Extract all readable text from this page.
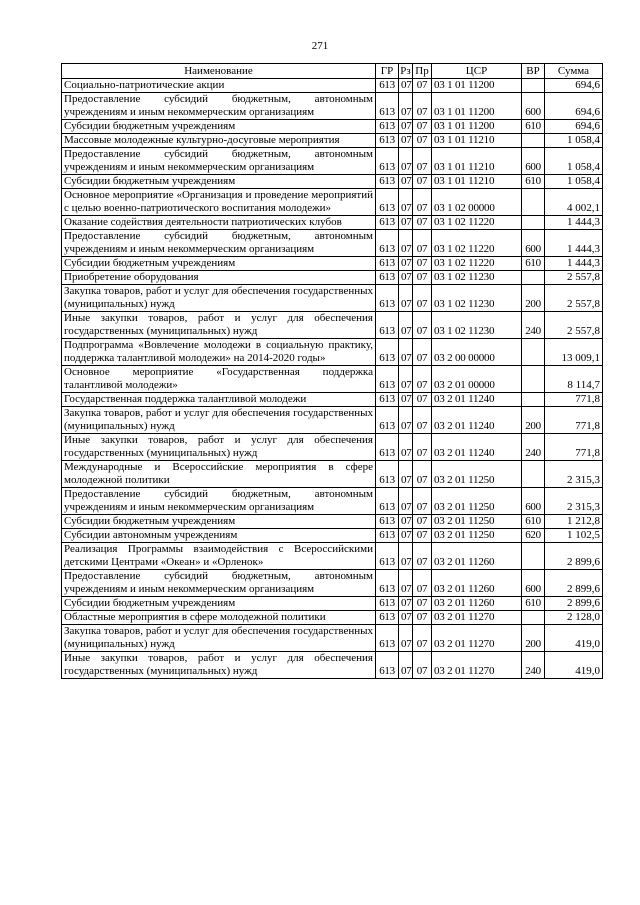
271
Наименование	ГР	Рз	Пр	ЦСР	ВР	Сумма
Социально-патриотические акции	613	07	07	03 1 01 11200		694,6
Предоставление субсидий бюджетным, автономным учреждениям и иным некоммерческим организациям	613	07	07	03 1 01 11200	600	694,6
Субсидии бюджетным учреждениям	613	07	07	03 1 01 11200	610	694,6
Массовые молодежные культурно-досуговые мероприятия	613	07	07	03 1 01 11210		1 058,4
Предоставление субсидий бюджетным, автономным учреждениям и иным некоммерческим организациям	613	07	07	03 1 01 11210	600	1 058,4
Субсидии бюджетным учреждениям	613	07	07	03 1 01 11210	610	1 058,4
Основное мероприятие «Организация и проведение мероприятий с целью военно-патриотического воспитания молодежи»	613	07	07	03 1 02 00000		4 002,1
Оказание содействия деятельности патриотических клубов	613	07	07	03 1 02 11220		1 444,3
Предоставление субсидий бюджетным, автономным учреждениям и иным некоммерческим организациям	613	07	07	03 1 02 11220	600	1 444,3
Субсидии бюджетным учреждениям	613	07	07	03 1 02 11220	610	1 444,3
Приобретение оборудования	613	07	07	03 1 02 11230		2 557,8
Закупка товаров, работ и услуг для обеспечения государственных (муниципальных) нужд	613	07	07	03 1 02 11230	200	2 557,8
Иные закупки товаров, работ и услуг для обеспечения государственных (муниципальных) нужд	613	07	07	03 1 02 11230	240	2 557,8
Подпрограмма «Вовлечение молодежи в социальную практику, поддержка талантливой молодежи» на 2014-2020 годы»	613	07	07	03 2 00 00000		13 009,1
Основное мероприятие «Государственная поддержка талантливой молодежи»	613	07	07	03 2 01 00000		8 114,7
Государственная поддержка талантливой молодежи	613	07	07	03 2 01 11240		771,8
Закупка товаров, работ и услуг для обеспечения государственных (муниципальных) нужд	613	07	07	03 2 01 11240	200	771,8
Иные закупки товаров, работ и услуг для обеспечения государственных (муниципальных) нужд	613	07	07	03 2 01 11240	240	771,8
Международные и Всероссийские мероприятия в сфере молодежной политики	613	07	07	03 2 01 11250		2 315,3
Предоставление субсидий бюджетным, автономным учреждениям и иным некоммерческим организациям	613	07	07	03 2 01 11250	600	2 315,3
Субсидии бюджетным учреждениям	613	07	07	03 2 01 11250	610	1 212,8
Субсидии автономным учреждениям	613	07	07	03 2 01 11250	620	1 102,5
Реализация Программы взаимодействия с Всероссийскими детскими Центрами «Океан» и «Орленок»	613	07	07	03 2 01 11260		2 899,6
Предоставление субсидий бюджетным, автономным учреждениям и иным некоммерческим организациям	613	07	07	03 2 01 11260	600	2 899,6
Субсидии бюджетным учреждениям	613	07	07	03 2 01 11260	610	2 899,6
Областные мероприятия в сфере молодежной политики	613	07	07	03 2 01 11270		2 128,0
Закупка товаров, работ и услуг для обеспечения государственных (муниципальных) нужд	613	07	07	03 2 01 11270	200	419,0
Иные закупки товаров, работ и услуг для обеспечения государственных (муниципальных) нужд	613	07	07	03 2 01 11270	240	419,0
